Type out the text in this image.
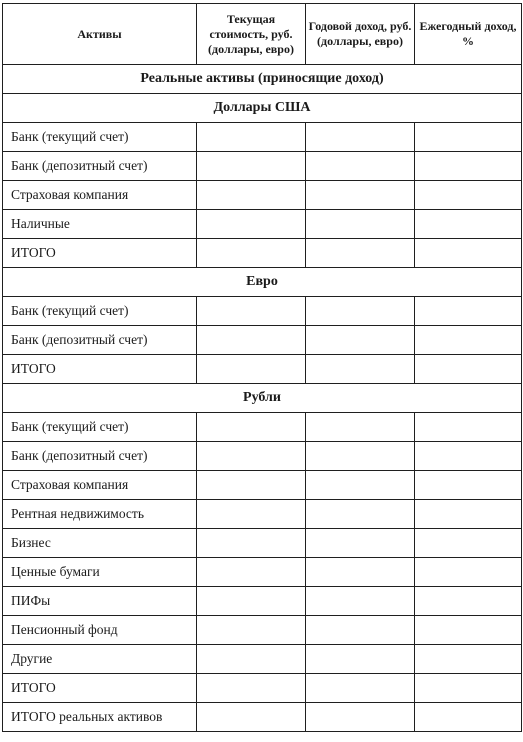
Активы	Текущая стоимость, руб. (доллары, евро)	Годовой доход, руб. (доллары, евро)	Ежегодный доход, %
Реальные активы (приносящие доход)			
Доллары США			
Банк (текущий счет)			
Банк (депозитный счет)			
Страховая компания			
Наличные			
ИТОГО			
Евро			
Банк (текущий счет)			
Банк (депозитный счет)			
ИТОГО			
Рубли			
Банк (текущий счет)			
Банк (депозитный счет)			
Страховая компания			
Рентная недвижимость			
Бизнес			
Ценные бумаги			
ПИФы			
Пенсионный фонд			
Другие			
ИТОГО			
ИТОГО реальных активов			
